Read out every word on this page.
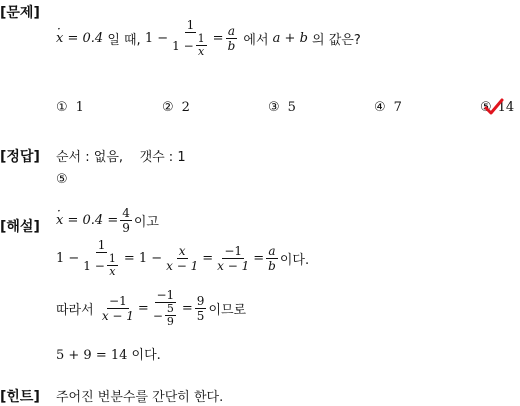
[문제]
x = 0.4 ·
일 때,
$1 - \frac{1}{1 - \frac{1}{x}} = \frac{a}{b}$
에서
a + b
의 값은?
① 1	② 2	③ 5	④ 7	⑤ 14
[정답] 순서 : 없음, 갯수 : 1
⑤
[해설] x = 0.4 ·
= $\frac{4}{9}$ 이고
$1 - \frac{1}{1 - \frac{1}{x}} = 1 - \frac{x}{x - 1} = \frac{-1}{x - 1} = \frac{a}{b}$ 이다.
따라서
$\frac{-1}{x - 1} = \frac{-1}{- \frac{5}{9}} = \frac{9}{5}$ 이므로
5 + 9 = 14 이다.
[힌트] 주어진 번분수를 간단히 한다.
